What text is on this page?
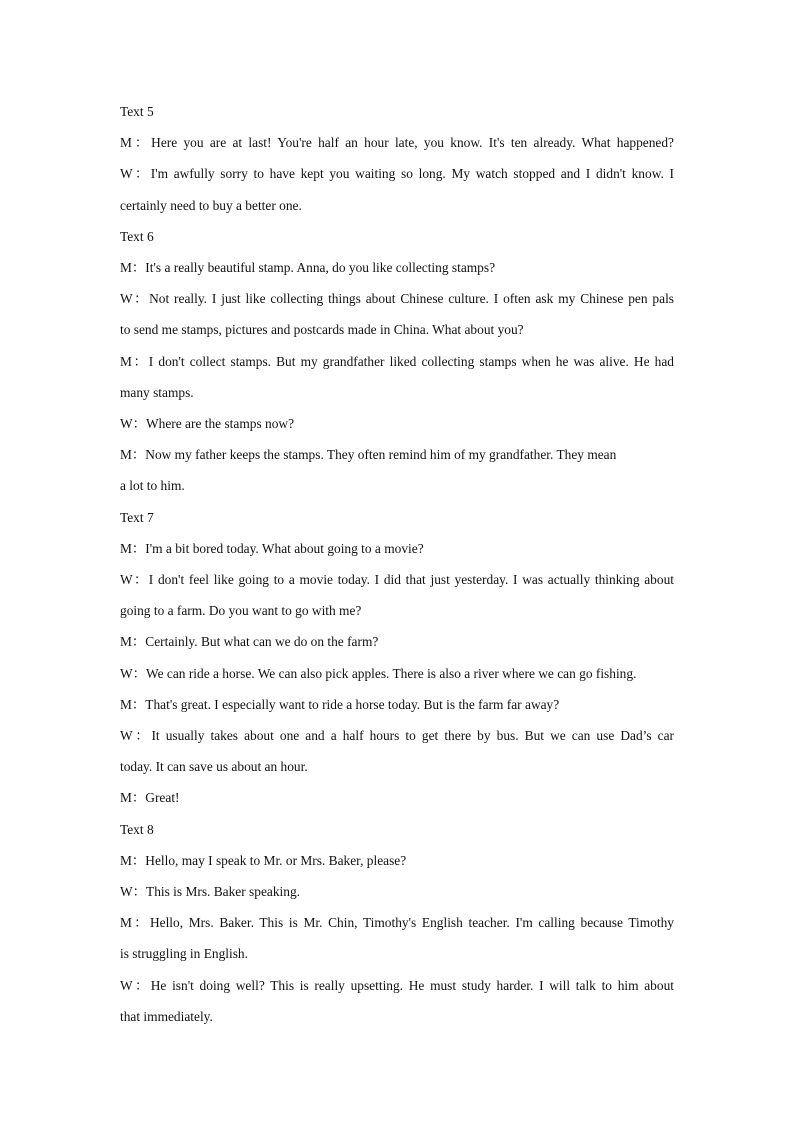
Text 5

M：Here you are at last! You're half an hour late, you know. It's ten already. What happened?

W：I'm awfully sorry to have kept you waiting so long. My watch stopped and I didn't know. I

certainly need to buy a better one.

Text 6

M：It's a really beautiful stamp. Anna, do you like collecting stamps?

W：Not really. I just like collecting things about Chinese culture. I often ask my Chinese pen pals

to send me stamps, pictures and postcards made in China. What about you?

M：I don't collect stamps. But my grandfather liked collecting stamps when he was alive. He had

many stamps.

W：Where are the stamps now?

M：Now my father keeps the stamps. They often remind him of my grandfather. They mean

a lot to him.

Text 7

M：I'm a bit bored today. What about going to a movie?

W：I don't feel like going to a movie today. I did that just yesterday. I was actually thinking about

going to a farm. Do you want to go with me?

M：Certainly. But what can we do on the farm?

W：We can ride a horse. We can also pick apples. There is also a river where we can go fishing.

M：That's great. I especially want to ride a horse today. But is the farm far away?

W：It usually takes about one and a half hours to get there by bus. But we can use Dad’s car

today. It can save us about an hour.

M：Great!

Text 8

M：Hello, may I speak to Mr. or Mrs. Baker, please?

W：This is Mrs. Baker speaking.

M：Hello, Mrs. Baker. This is Mr. Chin, Timothy's English teacher. I'm calling because Timothy

is struggling in English.

W：He isn't doing well? This is really upsetting. He must study harder. I will talk to him about

that immediately.
